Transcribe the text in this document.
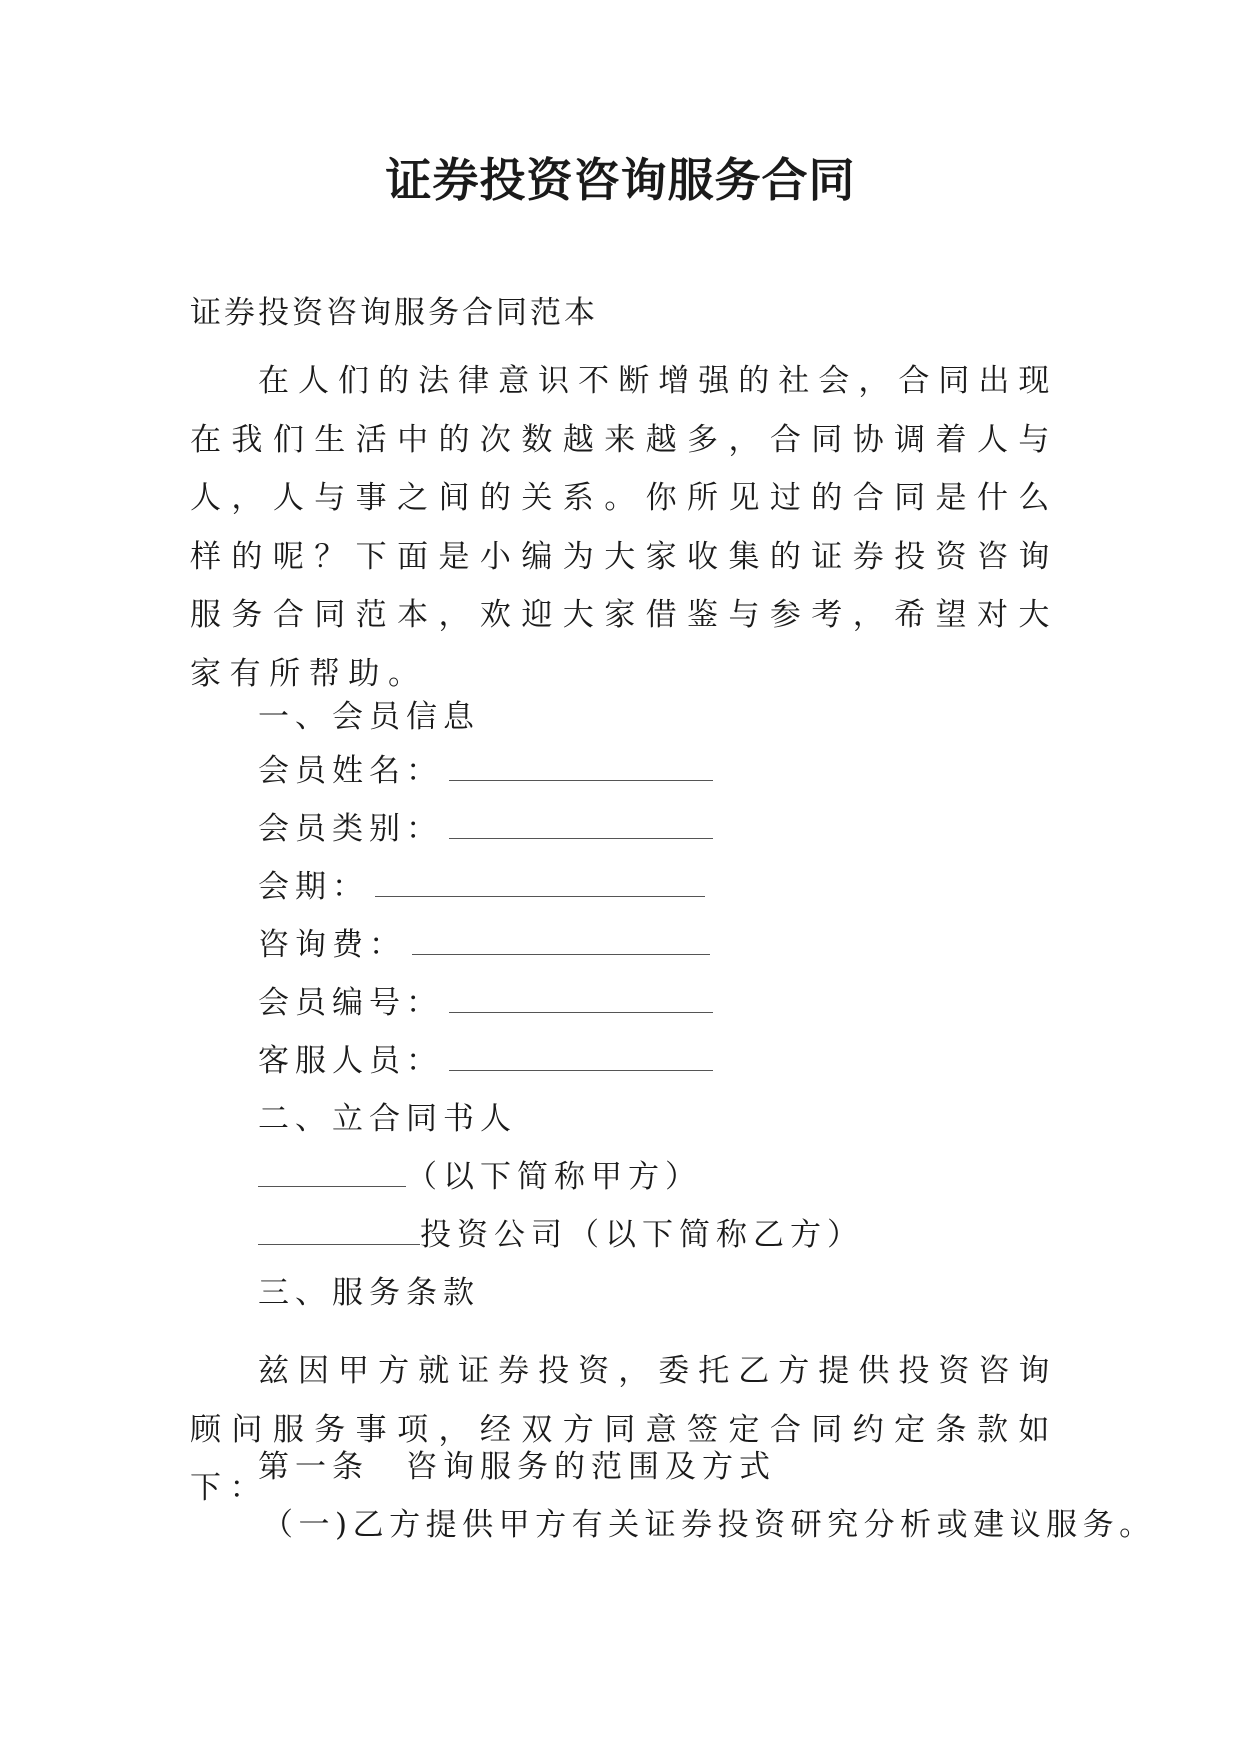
证券投资咨询服务合同

证券投资咨询服务合同范本

在人们的法律意识不断增强的社会，合同出现在我们生活中的次数越来越多，合同协调着人与人，人与事之间的关系。你所见过的合同是什么样的呢？下面是小编为大家收集的证券投资咨询服务合同范本，欢迎大家借鉴与参考，希望对大家有所帮助。

一、会员信息

会员姓名：

会员类别：

会期：

咨询费：

会员编号：

客服人员：

二、立合同书人

（以下简称甲方）

投资公司（以下简称乙方）

三、服务条款

兹因甲方就证券投资，委托乙方提供投资咨询顾问服务事项，经双方同意签定合同约定条款如下：

第一条　咨询服务的范围及方式

（一)乙方提供甲方有关证券投资研究分析或建议服务。
